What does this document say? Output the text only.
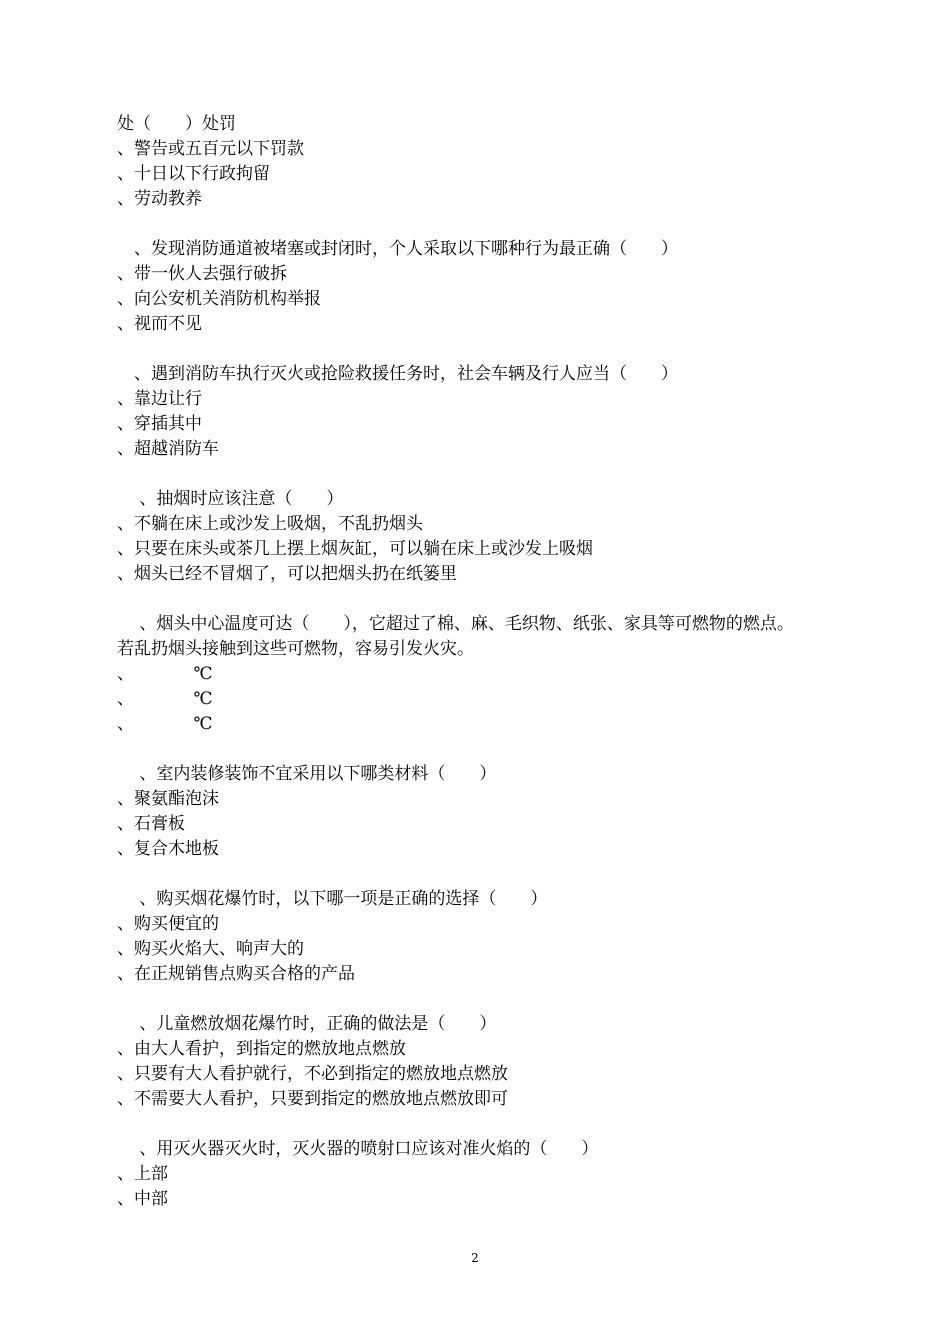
处（　　）处罚
、警告或五百元以下罚款
、十日以下行政拘留
、劳动教养
　、发现消防通道被堵塞或封闭时，个人采取以下哪种行为最正确（　　）
、带一伙人去强行破拆
、向公安机关消防机构举报
、视而不见
　、遇到消防车执行灭火或抢险救援任务时，社会车辆及行人应当（　　）
、靠边让行
、穿插其中
、超越消防车
　 、抽烟时应该注意（　　）
、不躺在床上或沙发上吸烟，不乱扔烟头
、只要在床头或茶几上摆上烟灰缸，可以躺在床上或沙发上吸烟
、烟头已经不冒烟了，可以把烟头扔在纸篓里
　 、烟头中心温度可达（　　），它超过了棉、麻、毛织物、纸张、家具等可燃物的燃点。
若乱扔烟头接触到这些可燃物，容易引发火灾。
、　　　　℃
、　　　　℃
、　　　　℃
　 、室内装修装饰不宜采用以下哪类材料（　　）
、聚氨酯泡沫
、石膏板
、复合木地板
　 、购买烟花爆竹时，以下哪一项是正确的选择（　　）
、购买便宜的
、购买火焰大、响声大的
、在正规销售点购买合格的产品
　 、儿童燃放烟花爆竹时，正确的做法是（　　）
、由大人看护，到指定的燃放地点燃放
、只要有大人看护就行，不必到指定的燃放地点燃放
、不需要大人看护，只要到指定的燃放地点燃放即可
　 、用灭火器灭火时，灭火器的喷射口应该对准火焰的（　　）
、上部
、中部
2
